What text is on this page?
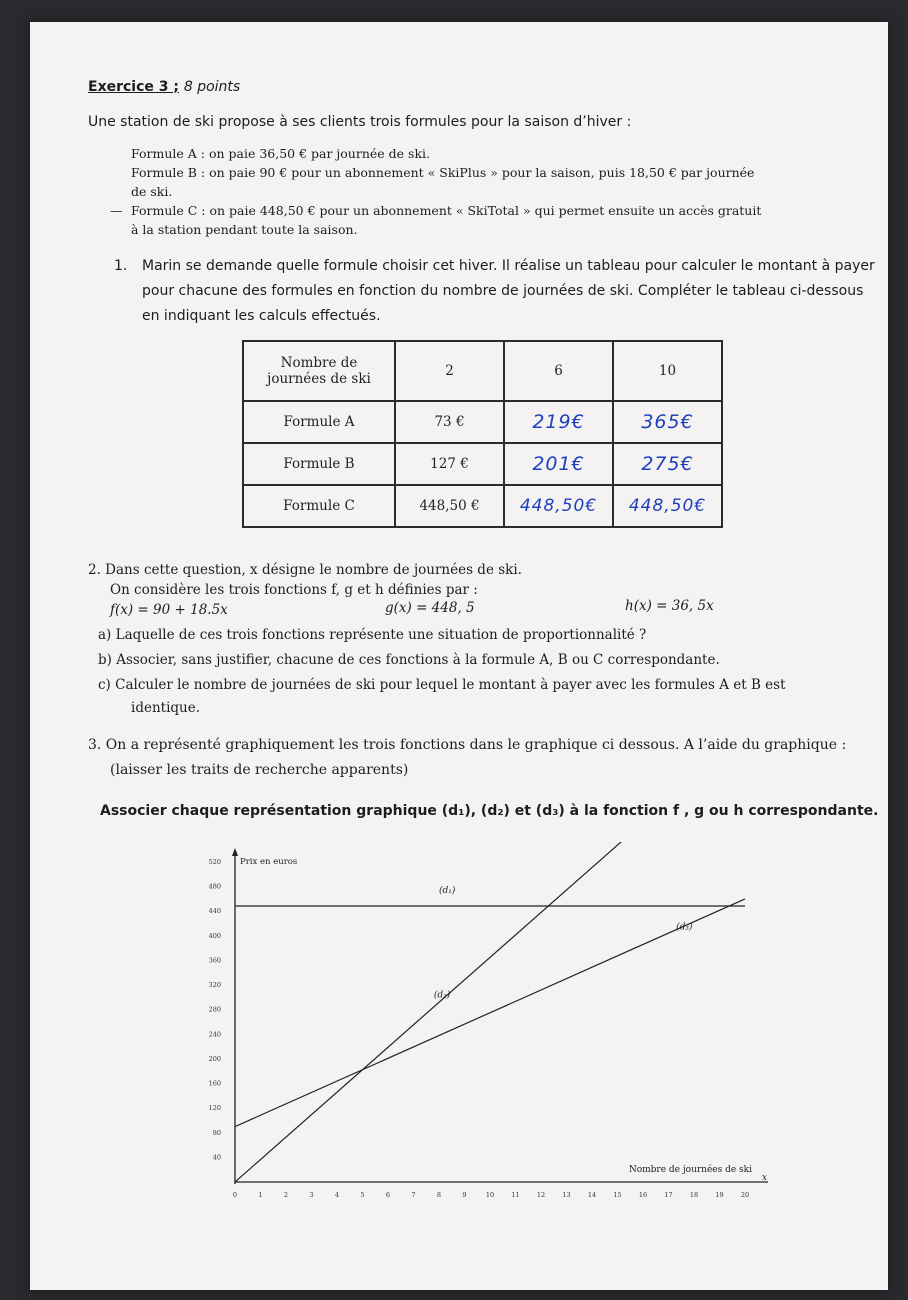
Exercice 3 ; 8 points
Une station de ski propose à ses clients trois formules pour la saison d’hiver :
Formule A : on paie 36,50 € par journée de ski.
Formule B : on paie 90 € pour un abonnement « SkiPlus » pour la saison, puis 18,50 € par journée
de ski.
— Formule C : on paie 448,50 € pour un abonnement « SkiTotal » qui permet ensuite un accès gratuit
à la station pendant toute la saison.
1. Marin se demande quelle formule choisir cet hiver. Il réalise un tableau pour calculer le montant à payer pour chacune des formules en fonction du nombre de journées de ski. Compléter le tableau ci-dessous en indiquant les calculs effectués.
Nombre de
journées de ski	2	6	10
Formule A	73 €	219€	365€
Formule B	127 €	201€	275€
Formule C	448,50 €	448,50€	448,50€
2. Dans cette question, x désigne le nombre de journées de ski.
On considère les trois fonctions f, g et h définies par :
f(x) = 90 + 18.5x	g(x) = 448, 5	h(x) = 36, 5x
a) Laquelle de ces trois fonctions représente une situation de proportionnalité ?
b) Associer, sans justifier, chacune de ces fonctions à la formule A, B ou C correspondante.
c) Calculer le nombre de journées de ski pour lequel le montant à payer avec les formules A et B est
identique.
3. On a représenté graphiquement les trois fonctions dans le graphique ci dessous. A l’aide du graphique :
(laisser les traits de recherche apparents)
Associer chaque représentation graphique (d₁), (d₂) et (d₃) à la fonction f , g ou h correspondante.
0	1	2	3	4	5	6	7	8	9	10	11	12	13	14	15	16	17	18	19	20
40
80
120
160
200
240
280
320
360
400
440
480
520 Prix en euros
Nombre de journées de ski
x
(d₁)
(d₂)
(d₃)
